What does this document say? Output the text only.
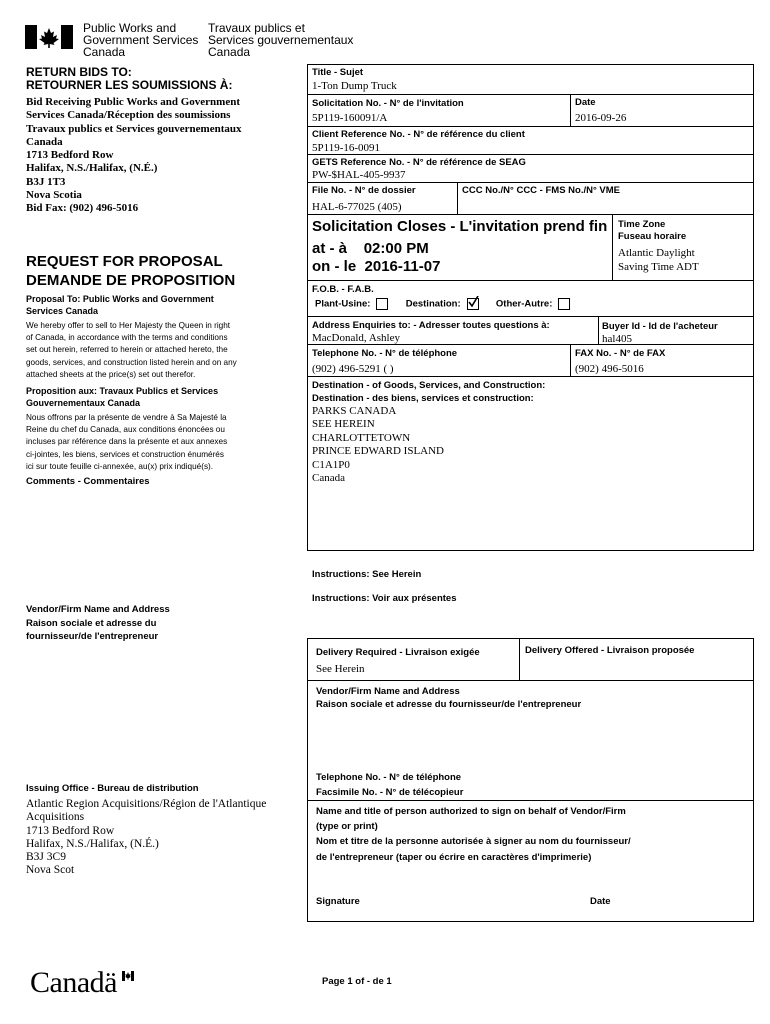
Public Works and
Government Services
Canada
Travaux publics et
Services gouvernementaux
Canada
RETURN BIDS TO:
RETOURNER LES SOUMISSIONS À:
Bid Receiving Public Works and Government
Services Canada/Réception des soumissions
Travaux publics et Services gouvernementaux
Canada
1713 Bedford Row
Halifax, N.S./Halifax, (N.É.)
B3J 1T3
Nova Scotia
Bid Fax: (902) 496-5016
REQUEST FOR PROPOSAL
DEMANDE DE PROPOSITION
Proposal To: Public Works and Government
Services Canada
We hereby offer to sell to Her Majesty the Queen in right
of Canada, in accordance with the terms and conditions
set out herein, referred to herein or attached hereto, the
goods, services, and construction listed herein and on any
attached sheets at the price(s) set out therefor.
Proposition aux: Travaux Publics et Services
Gouvernementaux Canada
Nous offrons par la présente de vendre à Sa Majesté la
Reine du chef du Canada, aux conditions énoncées ou
incluses par référence dans la présente et aux annexes
ci-jointes, les biens, services et construction énumérés
ici sur toute feuille ci-annexée, au(x) prix indiqué(s).
Comments - Commentaires
Vendor/Firm Name and Address
Raison sociale et adresse du
fournisseur/de l'entrepreneur
Issuing Office - Bureau de distribution
Atlantic Region Acquisitions/Région de l'Atlantique
Acquisitions
1713 Bedford Row
Halifax, N.S./Halifax, (N.É.)
B3J 3C9
Nova Scot
Title - Sujet
1-Ton Dump Truck
Solicitation No. - N° de l'invitation
5P119-160091/A
Date
2016-09-26
Client Reference No. - N° de référence du client
5P119-16-0091
GETS Reference No. - N° de référence de SEAG
PW-$HAL-405-9937
File No. - N° de dossier
HAL-6-77025 (405)
CCC No./N° CCC - FMS No./N° VME
Solicitation Closes - L'invitation prend fin
at - à 02:00 PM
on - le 2016-11-07
Time Zone
Fuseau horaire
Atlantic Daylight
Saving Time ADT
F.O.B. - F.A.B.
Plant-Usine:	Destination:	Other-Autre:
Address Enquiries to: - Adresser toutes questions à:
MacDonald, Ashley
Buyer Id - Id de l'acheteur
hal405
Telephone No. - N° de téléphone
(902) 496-5291 ( )
FAX No. - N° de FAX
(902) 496-5016
Destination - of Goods, Services, and Construction:
Destination - des biens, services et construction:
PARKS CANADA
SEE HEREIN
CHARLOTTETOWN
PRINCE EDWARD ISLAND
C1A1P0
Canada
Instructions: See Herein
Instructions: Voir aux présentes
Delivery Required - Livraison exigée
See Herein
Delivery Offered - Livraison proposée
Vendor/Firm Name and Address
Raison sociale et adresse du fournisseur/de l'entrepreneur
Telephone No. - N° de téléphone
Facsimile No. - N° de télécopieur
Name and title of person authorized to sign on behalf of Vendor/Firm
(type or print)
Nom et titre de la personne autorisée à signer au nom du fournisseur/
de l'entrepreneur (taper ou écrire en caractères d'imprimerie)
Signature	Date
Canadä	Page 1 of - de 1
